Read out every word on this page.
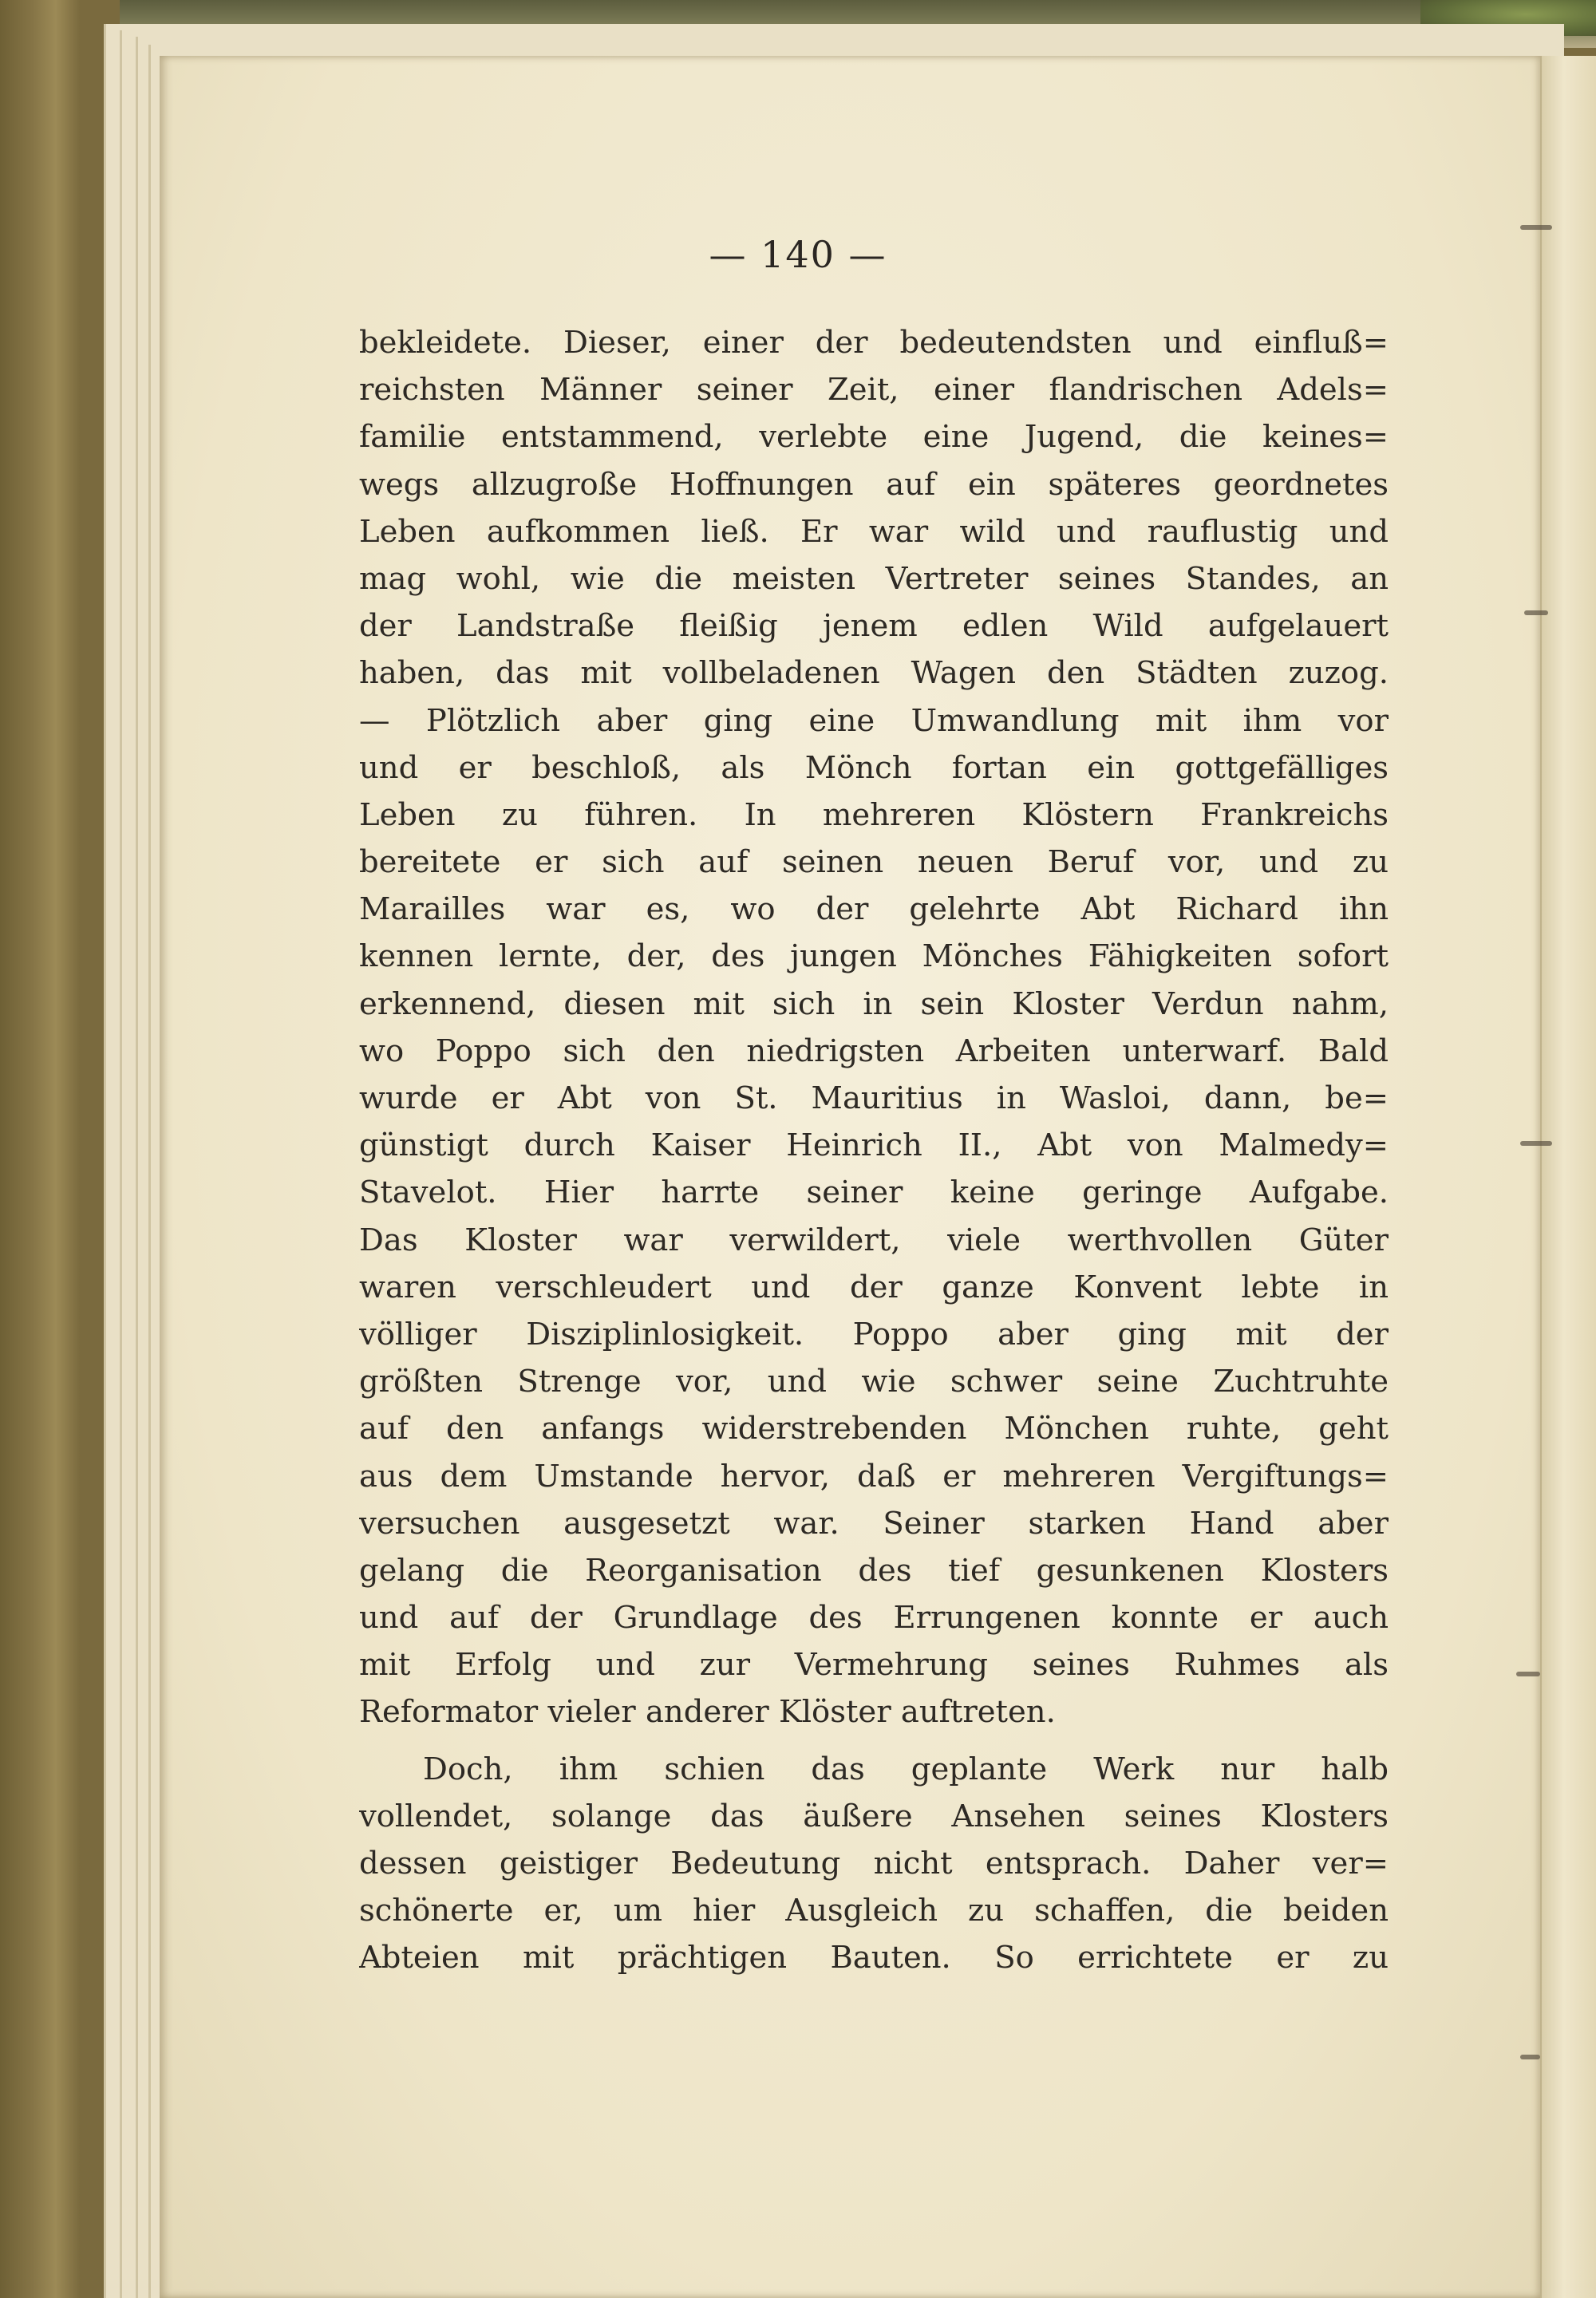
— 140 —
bekleidete. Dieser, einer der bedeutendsten und einfluß=
reichsten Männer seiner Zeit, einer flandrischen Adels=
familie entstammend, verlebte eine Jugend, die keines=
wegs allzugroße Hoffnungen auf ein späteres geordnetes
Leben aufkommen ließ. Er war wild und rauflustig und
mag wohl, wie die meisten Vertreter seines Standes, an
der Landstraße fleißig jenem edlen Wild aufgelauert
haben, das mit vollbeladenen Wagen den Städten zuzog.
— Plötzlich aber ging eine Umwandlung mit ihm vor
und er beschloß, als Mönch fortan ein gottgefälliges
Leben zu führen. In mehreren Klöstern Frankreichs
bereitete er sich auf seinen neuen Beruf vor, und zu
Marailles war es, wo der gelehrte Abt Richard ihn
kennen lernte, der, des jungen Mönches Fähigkeiten sofort
erkennend, diesen mit sich in sein Kloster Verdun nahm,
wo Poppo sich den niedrigsten Arbeiten unterwarf. Bald
wurde er Abt von St. Mauritius in Wasloi, dann, be=
günstigt durch Kaiser Heinrich II., Abt von Malmedy=
Stavelot. Hier harrte seiner keine geringe Aufgabe.
Das Kloster war verwildert, viele werthvollen Güter
waren verschleudert und der ganze Konvent lebte in
völliger Disziplinlosigkeit. Poppo aber ging mit der
größten Strenge vor, und wie schwer seine Zuchtruhte
auf den anfangs widerstrebenden Mönchen ruhte, geht
aus dem Umstande hervor, daß er mehreren Vergiftungs=
versuchen ausgesetzt war. Seiner starken Hand aber
gelang die Reorganisation des tief gesunkenen Klosters
und auf der Grundlage des Errungenen konnte er auch
mit Erfolg und zur Vermehrung seines Ruhmes als
Reformator vieler anderer Klöster auftreten.
Doch, ihm schien das geplante Werk nur halb
vollendet, solange das äußere Ansehen seines Klosters
dessen geistiger Bedeutung nicht entsprach. Daher ver=
schönerte er, um hier Ausgleich zu schaffen, die beiden
Abteien mit prächtigen Bauten. So errichtete er zu
